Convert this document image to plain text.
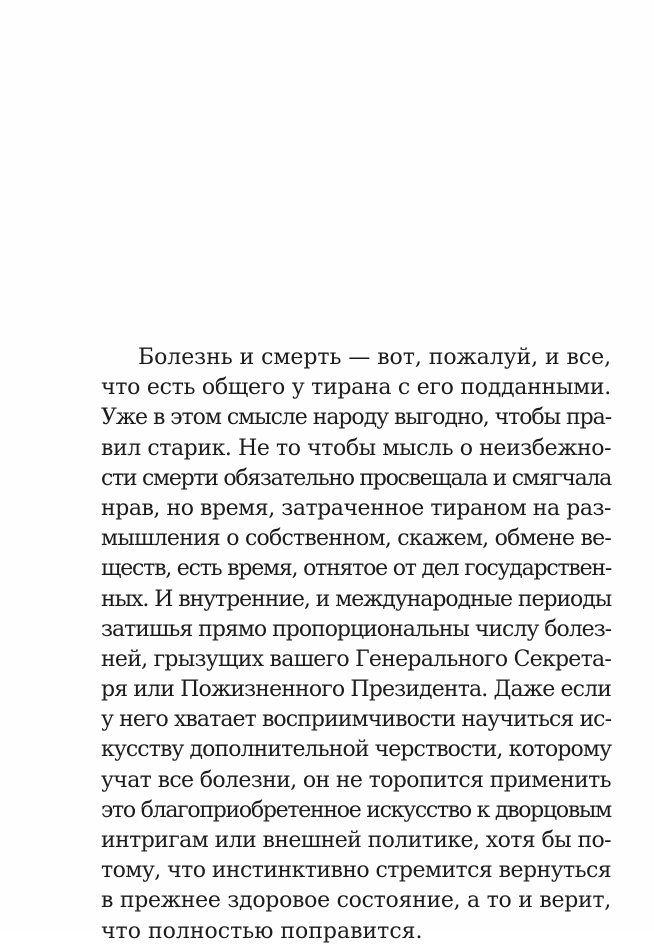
Болезнь и смерть — вот, пожалуй, и все,
что есть общего у тирана с его подданными.
Уже в этом смысле народу выгодно, чтобы пра-
вил старик. Не то чтобы мысль о неизбежно-
сти смерти обязательно просвещала и смягчала
нрав, но время, затраченное тираном на раз-
мышления о собственном, скажем, обмене ве-
ществ, есть время, отнятое от дел государствен-
ных. И внутренние, и международные периоды
затишья прямо пропорциональны числу болез-
ней, грызущих вашего Генерального Секрета-
ря или Пожизненного Президента. Даже если
у него хватает восприимчивости научиться ис-
кусству дополнительной черствости, которому
учат все болезни, он не торопится применить
это благоприобретенное искусство к дворцовым
интригам или внешней политике, хотя бы по-
тому, что инстинктивно стремится вернуться
в прежнее здоровое состояние, а то и верит,
что полностью поправится.
